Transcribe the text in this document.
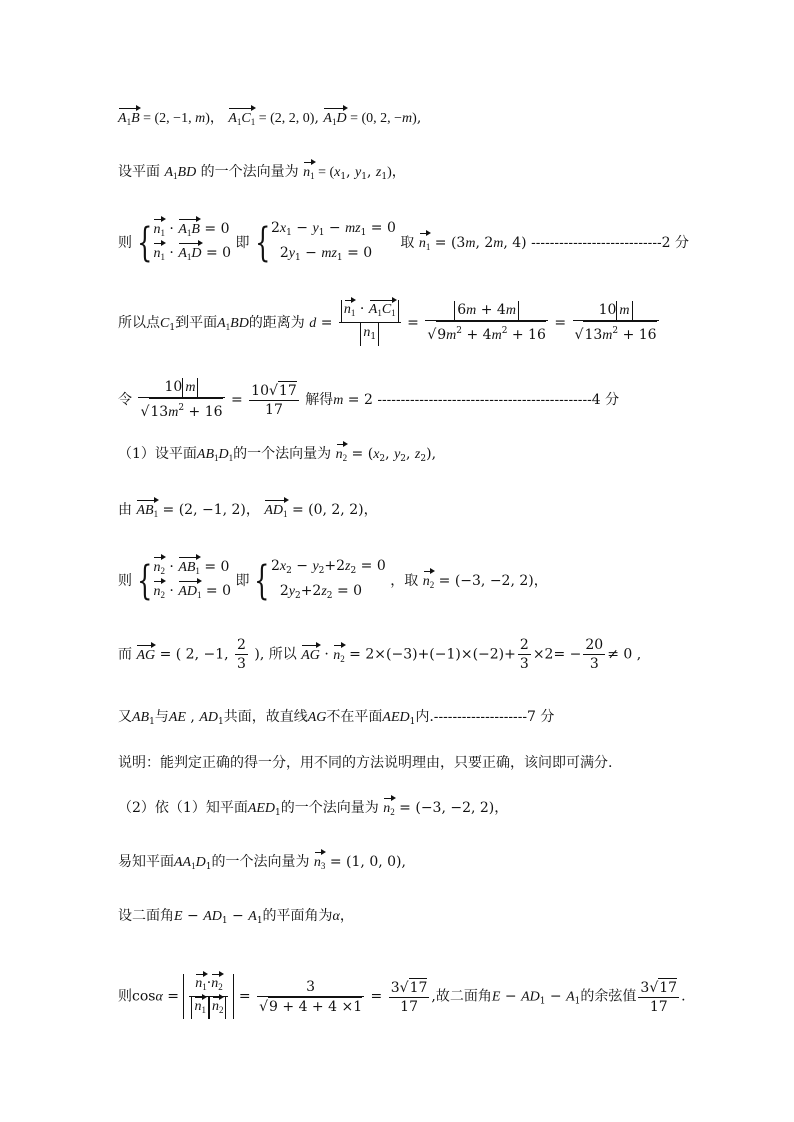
$A_1B = (2$, −1, m)， $A_1C_1 = (2$, 2, 0), $A_1D = (0$, 2, −m),
设平面 $A_1BD$ 的一个法向量为 $n_1 = (x_1$, $y_1$, $z_1$)，
则 { $n_1 \cdot A_1B = 0$
$n_1 \cdot A_1D = 0$
即 { $2x_1 - y_1 - mz_1 = 0$
$2y_1 - mz_1 = 0$
取 $n_1 = (3m$, 2m, 4) ----------------------------2 分
所以点$C_1$到平面$A_1BD$的距离为 $d = \frac{n_1 \cdot A_1C_1}{n_1} = \frac{6m + 4m}{√9m^2 + 4m^2 + 16} = \frac{10 m}{√13m^2 + 16}$
令 $\frac{10 m}{√13m^2 + 16} = \frac{10√17}{17}$ 解得m = 2 ----------------------------------------------4 分
（1）设平面$AB_1D_1$的一个法向量为 $n_2 = (x_2$, $y_2$, $z_2$),
由 $AB_1 = (2$, −1, 2)， $AD_1 = (0$, 2, 2)，
则 { $n_2 \cdot AB_1 = 0$
$n_2 \cdot AD_1 = 0$
即 { $2x_2 - y_2+2z_2 = 0$
$2y_2+2z_2 = 0$
，取 $n_2 = (-3$, −2, 2)，
而 AG = ( 2, −1, $\frac{2}{3}$ ), 所以 AG · $n_2 = 2\times(-3)+(-1)\times(-2)+ \frac{2}{3} \times 2= - \frac{20}{3} \ne 0$ ,
又$AB_1$与AE , $AD_1$共面，故直线AG不在平面$AED_1$内.--------------------7 分
说明：能判定正确的得一分，用不同的方法说明理由，只要正确，该问即可满分.
（2）依（1）知平面$AED_1$的一个法向量为 $n_2 = (-3$, −2, 2)，
易知平面$AA_1D_1$的一个法向量为 $n_3 = (1$, 0, 0),
设二面角$E - AD_1 - A_1$的平面角为α，
则$\cos\alpha = \frac{n_1\cdot n_2}{n_1 n_2} = \frac{3}{√9 + 4 + 4 \times 1} = \frac{3√17}{17}$ ,故二面角$E - AD_1 - A_1$的余弦值 $\frac{3√17}{17}$ .
